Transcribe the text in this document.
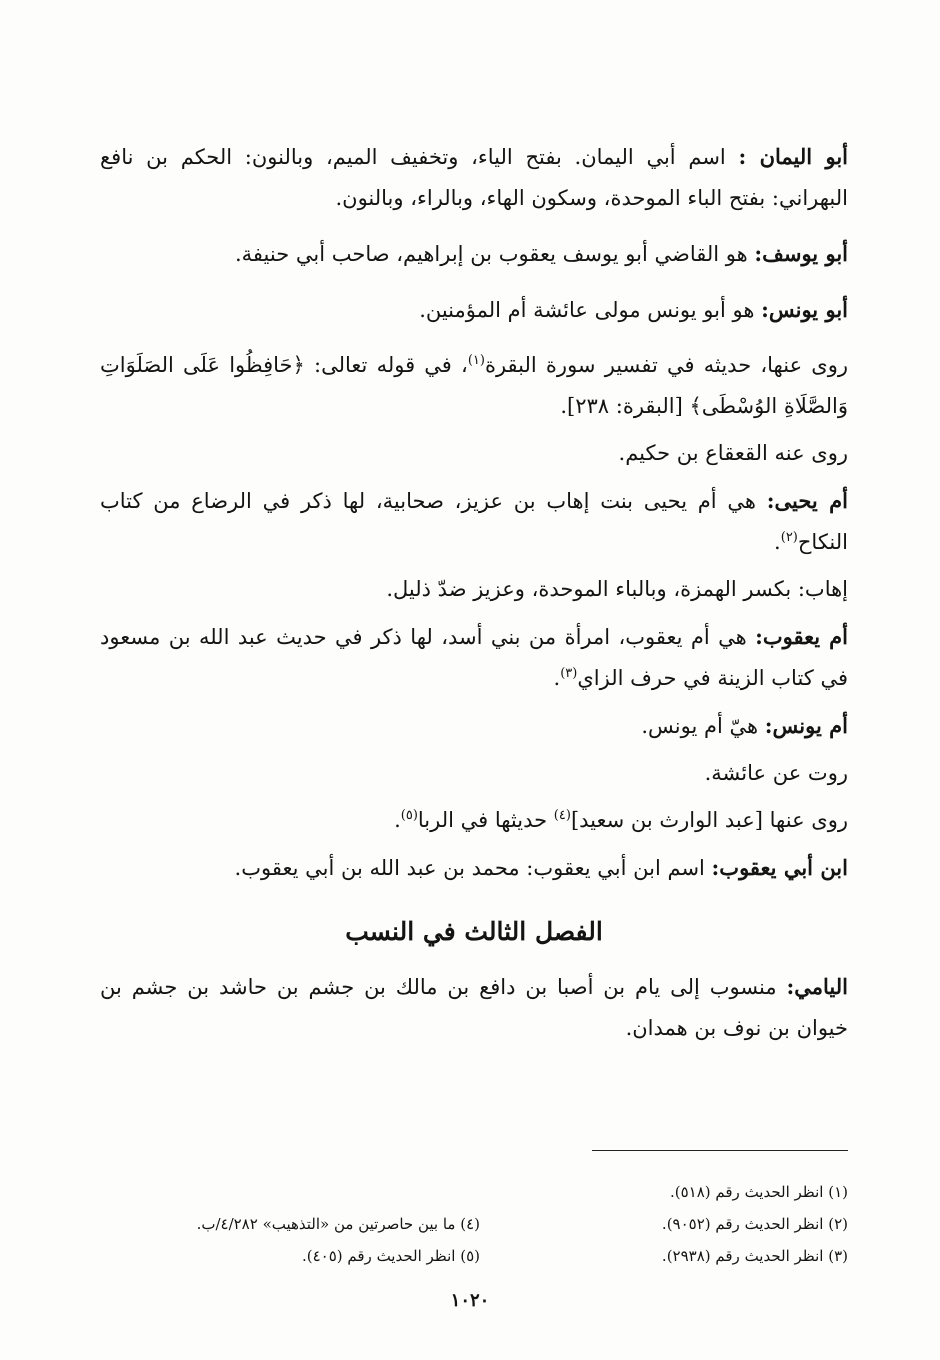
أبو اليمان : اسم أبي اليمان. بفتح الياء، وتخفيف الميم، وبالنون: الحكم بن نافع البهراني: بفتح الباء الموحدة، وسكون الهاء، وبالراء، وبالنون.

أبو يوسف: هو القاضي أبو يوسف يعقوب بن إبراهيم، صاحب أبي حنيفة.

أبو يونس: هو أبو يونس مولى عائشة أم المؤمنين.

روى عنها، حديثه في تفسير سورة البقرة$^{(١)}$، في قوله تعالى: ﴿حَافِظُوا عَلَى الصَلَوَاتِ وَالصَّلَاةِ الوُسْطَى﴾ [البقرة: ٢٣٨].

روى عنه القعقاع بن حكيم.

أم يحيى: هي أم يحيى بنت إهاب بن عزيز، صحابية، لها ذكر في الرضاع من كتاب النكاح$^{(٢)}$.

إهاب: بكسر الهمزة، وبالباء الموحدة، وعزيز ضدّ ذليل.

أم يعقوب: هي أم يعقوب، امرأة من بني أسد، لها ذكر في حديث عبد الله بن مسعود في كتاب الزينة في حرف الزاي$^{(٣)}$.

أم يونس: هيّ أم يونس.

روت عن عائشة.

روى عنها [عبد الوارث بن سعيد]$^{(٤)}$ حديثها في الربا$^{(٥)}$.

ابن أبي يعقوب: اسم ابن أبي يعقوب: محمد بن عبد الله بن أبي يعقوب.

الفصل الثالث في النسب

اليامي: منسوب إلى يام بن أصبا بن دافع بن مالك بن جشم بن حاشد بن جشم بن خيوان بن نوف بن همدان.

(١) انظر الحديث رقم (٥١٨).
(٢) انظر الحديث رقم (٩٠٥٢).
(٣) انظر الحديث رقم (٢٩٣٨).
(٤) ما بين حاصرتين من «التذهيب» ٤/٢٨٢/ب.
(٥) انظر الحديث رقم (٤٠٥).
١٠٢٠
